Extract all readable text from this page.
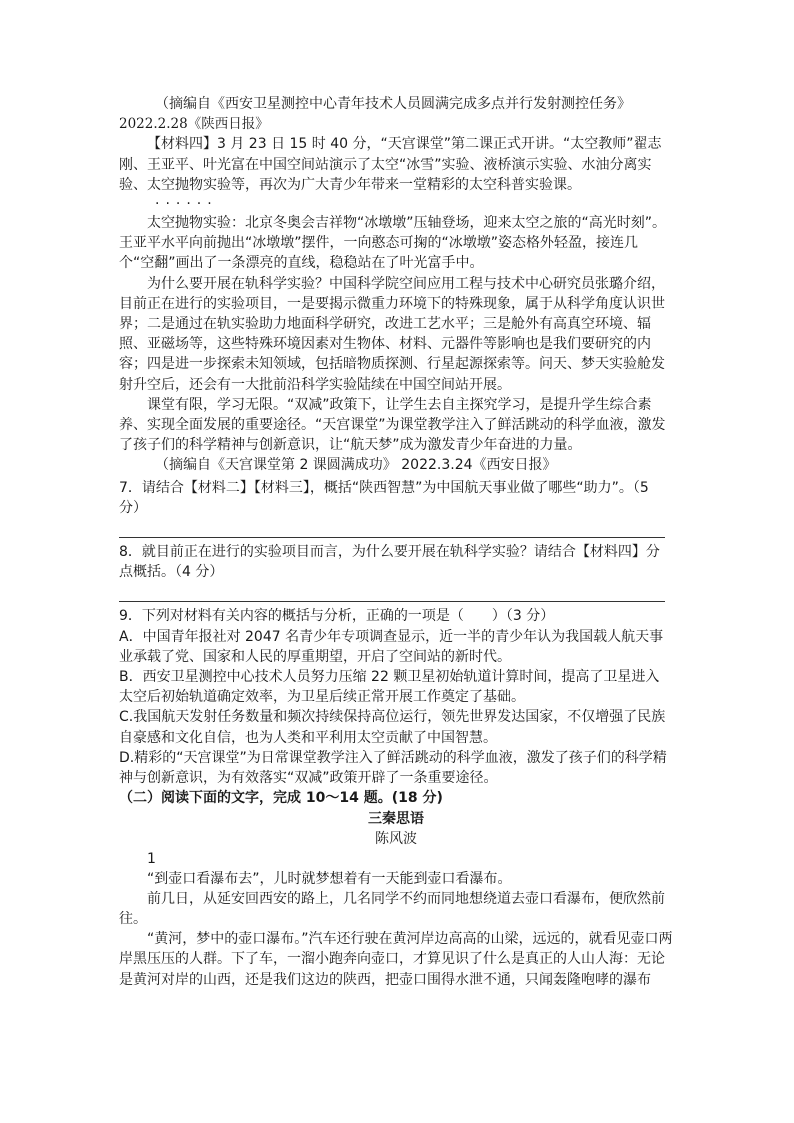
（摘编自《西安卫星测控中心青年技术人员圆满完成多点并行发射测控任务》

2022.2.28《陕西日报》

【材料四】3 月 23 日 15 时 40 分，“天宫课堂”第二课正式开讲。“太空教师”翟志刚、王亚平、叶光富在中国空间站演示了太空“冰雪”实验、液桥演示实验、水油分离实验、太空抛物实验等，再次为广大青少年带来一堂精彩的太空科普实验课。

······

太空抛物实验：北京冬奥会吉祥物“冰墩墩”压轴登场，迎来太空之旅的“高光时刻”。王亚平水平向前抛出“冰墩墩”摆件，一向憨态可掬的“冰墩墩”姿态格外轻盈，接连几个“空翻”画出了一条漂亮的直线，稳稳站在了叶光富手中。

为什么要开展在轨科学实验？中国科学院空间应用工程与技术中心研究员张璐介绍，目前正在进行的实验项目，一是要揭示微重力环境下的特殊现象，属于从科学角度认识世界；二是通过在轨实验助力地面科学研究，改进工艺水平；三是舱外有高真空环境、辐照、亚磁场等，这些特殊环境因素对生物体、材料、元器件等影响也是我们要研究的内容；四是进一步探索未知领域，包括暗物质探测、行星起源探索等。问天、梦天实验舱发射升空后，还会有一大批前沿科学实验陆续在中国空间站开展。

课堂有限，学习无限。“双减”政策下，让学生去自主探究学习，是提升学生综合素养、实现全面发展的重要途径。“天宫课堂”为课堂教学注入了鲜活跳动的科学血液，激发了孩子们的科学精神与创新意识，让“航天梦”成为激发青少年奋进的力量。

（摘编自《天宫课堂第 2 课圆满成功》 2022.3.24《西安日报》

7．请结合【材料二】【材料三】，概括“陕西智慧”为中国航天事业做了哪些“助力”。（5 分）

8．就目前正在进行的实验项目而言，为什么要开展在轨科学实验？请结合【材料四】分点概括。（4 分）

9．下列对材料有关内容的概括与分析，正确的一项是（　　）（3 分）

A．中国青年报社对 2047 名青少年专项调查显示，近一半的青少年认为我国载人航天事业承载了党、国家和人民的厚重期望，开启了空间站的新时代。

B．西安卫星测控中心技术人员努力压缩 22 颗卫星初始轨道计算时间，提高了卫星进入太空后初始轨道确定效率，为卫星后续正常开展工作奠定了基础。

C.我国航天发射任务数量和频次持续保持高位运行，领先世界发达国家，不仅增强了民族自豪感和文化自信，也为人类和平利用太空贡献了中国智慧。

D.精彩的“天宫课堂”为日常课堂教学注入了鲜活跳动的科学血液，激发了孩子们的科学精神与创新意识，为有效落实“双减”政策开辟了一条重要途径。

（二）阅读下面的文字，完成 10～14 题。(18 分)

三秦思语

陈风波

1

“到壶口看瀑布去”，儿时就梦想着有一天能到壶口看瀑布。

前几日，从延安回西安的路上，几名同学不约而同地想绕道去壶口看瀑布，便欣然前往。

“黄河，梦中的壶口瀑布。”汽车还行驶在黄河岸边高高的山梁，远远的，就看见壶口两岸黑压压的人群。下了车，一溜小跑奔向壶口，才算见识了什么是真正的人山人海：无论是黄河对岸的山西，还是我们这边的陕西，把壶口围得水泄不通，只闻轰隆咆哮的瀑布
